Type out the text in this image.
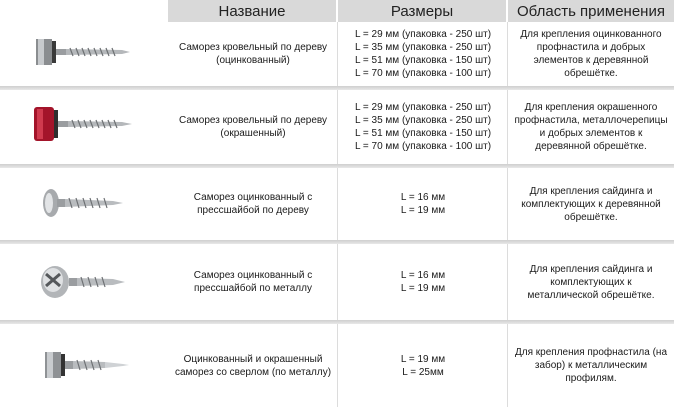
Название	Размеры	Область применения
Саморез кровельный по дереву
(оцинкованный)
L = 29 мм (упаковка - 250 шт)
L = 35 мм (упаковка - 250 шт)
L = 51 мм (упаковка - 150 шт)
L = 70 мм (упаковка - 100 шт)
Для крепления оцинкованного профнастила и добрых элементов к деревянной обрешётке.
Саморез кровельный по дереву
(окрашенный)
L = 29 мм (упаковка - 250 шт)
L = 35 мм (упаковка - 250 шт)
L = 51 мм (упаковка - 150 шт)
L = 70 мм (упаковка - 100 шт)
Для крепления окрашенного профнастила, металлочерепицы и добрых элементов к деревянной обрешётке.
Саморез оцинкованный с
прессшайбой по дереву
L = 16 мм
L = 19 мм
Для крепления сайдинга и комплектующих к деревянной обрешётке.
Саморез оцинкованный с
прессшайбой по металлу
L = 16 мм
L = 19 мм
Для крепления сайдинга и комплектующих к металлической обрешётке.
Оцинкованный и окрашенный
саморез со сверлом (по металлу)
L = 19 мм
L = 25мм
Для крепления профнастила (на забор) к металлическим профилям.
